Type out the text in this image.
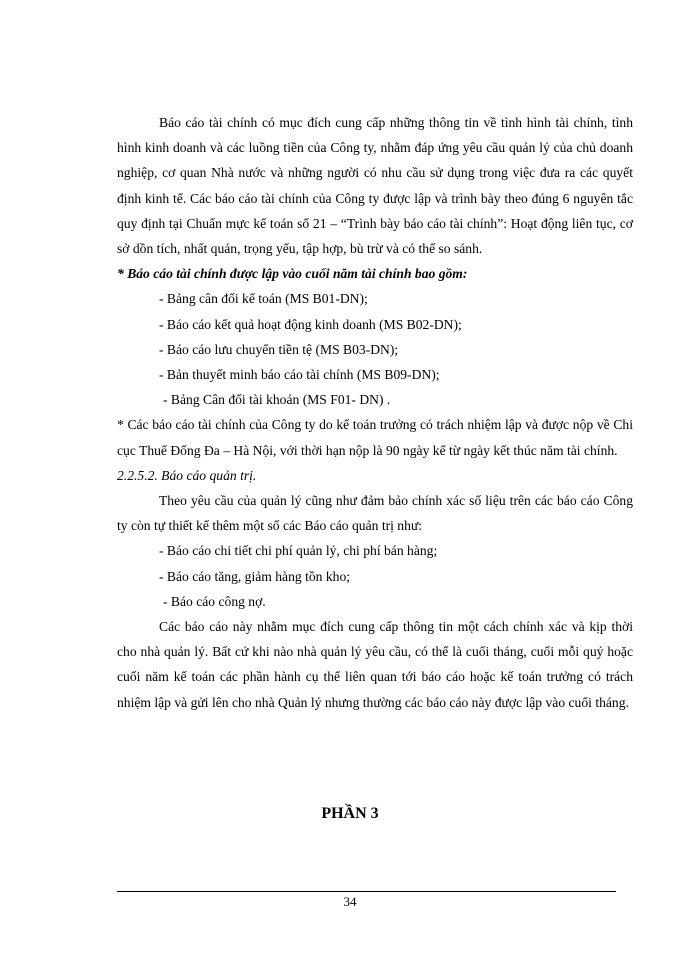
Báo cáo tài chính có mục đích cung cấp những thông tin về tình hình tài chính, tình hình kinh doanh và các luồng tiền của Công ty, nhằm đáp ứng yêu cầu quản lý của chủ doanh nghiệp, cơ quan Nhà nước và những người có nhu cầu sử dụng trong việc đưa ra các quyết định kinh tế. Các báo cáo tài chính của Công ty được lập và trình bày theo đúng 6 nguyên tắc quy định tại Chuẩn mực kế toán số 21 – “Trình bày báo cáo tài chính”: Hoạt động liên tục, cơ sở dồn tích, nhất quán, trọng yếu, tập hợp, bù trừ và có thể so sánh.

* Báo cáo tài chính được lập vào cuối năm tài chính bao gồm:

- Bảng cân đối kế toán (MS B01-DN);

- Báo cáo kết quả hoạt động kinh doanh (MS B02-DN);

- Báo cáo lưu chuyển tiền tệ (MS B03-DN);

- Bản thuyết minh báo cáo tài chính (MS B09-DN);

- Bảng Cân đối tài khoản (MS F01- DN) .

* Các báo cáo tài chính của Công ty do kế toán trưởng có trách nhiệm lập và được nộp về Chi cục Thuế Đống Đa – Hà Nội, với thời hạn nộp là 90 ngày kể từ ngày kết thúc năm tài chính.

2.2.5.2. Báo cáo quản trị.

Theo yêu cầu của quản lý cũng như đảm bảo chính xác số liệu trên các báo cáo Công ty còn tự thiết kế thêm một số các Báo cáo quản trị như:

- Báo cáo chi tiết chi phí quản lý, chi phí bán hàng;

- Báo cáo tăng, giảm hàng tồn kho;

- Báo cáo công nợ.

Các báo cáo này nhằm mục đích cung cấp thông tin một cách chính xác và kịp thời cho nhà quản lý. Bất cứ khi nào nhà quản lý yêu cầu, có thể là cuối tháng, cuối mỗi quý hoặc cuối năm kế toán các phần hành cụ thể liên quan tới báo cáo hoặc kế toán trưởng có trách nhiệm lập và gửi lên cho nhà Quản lý nhưng thường các báo cáo này được lập vào cuối tháng.

PHẦN 3
34
